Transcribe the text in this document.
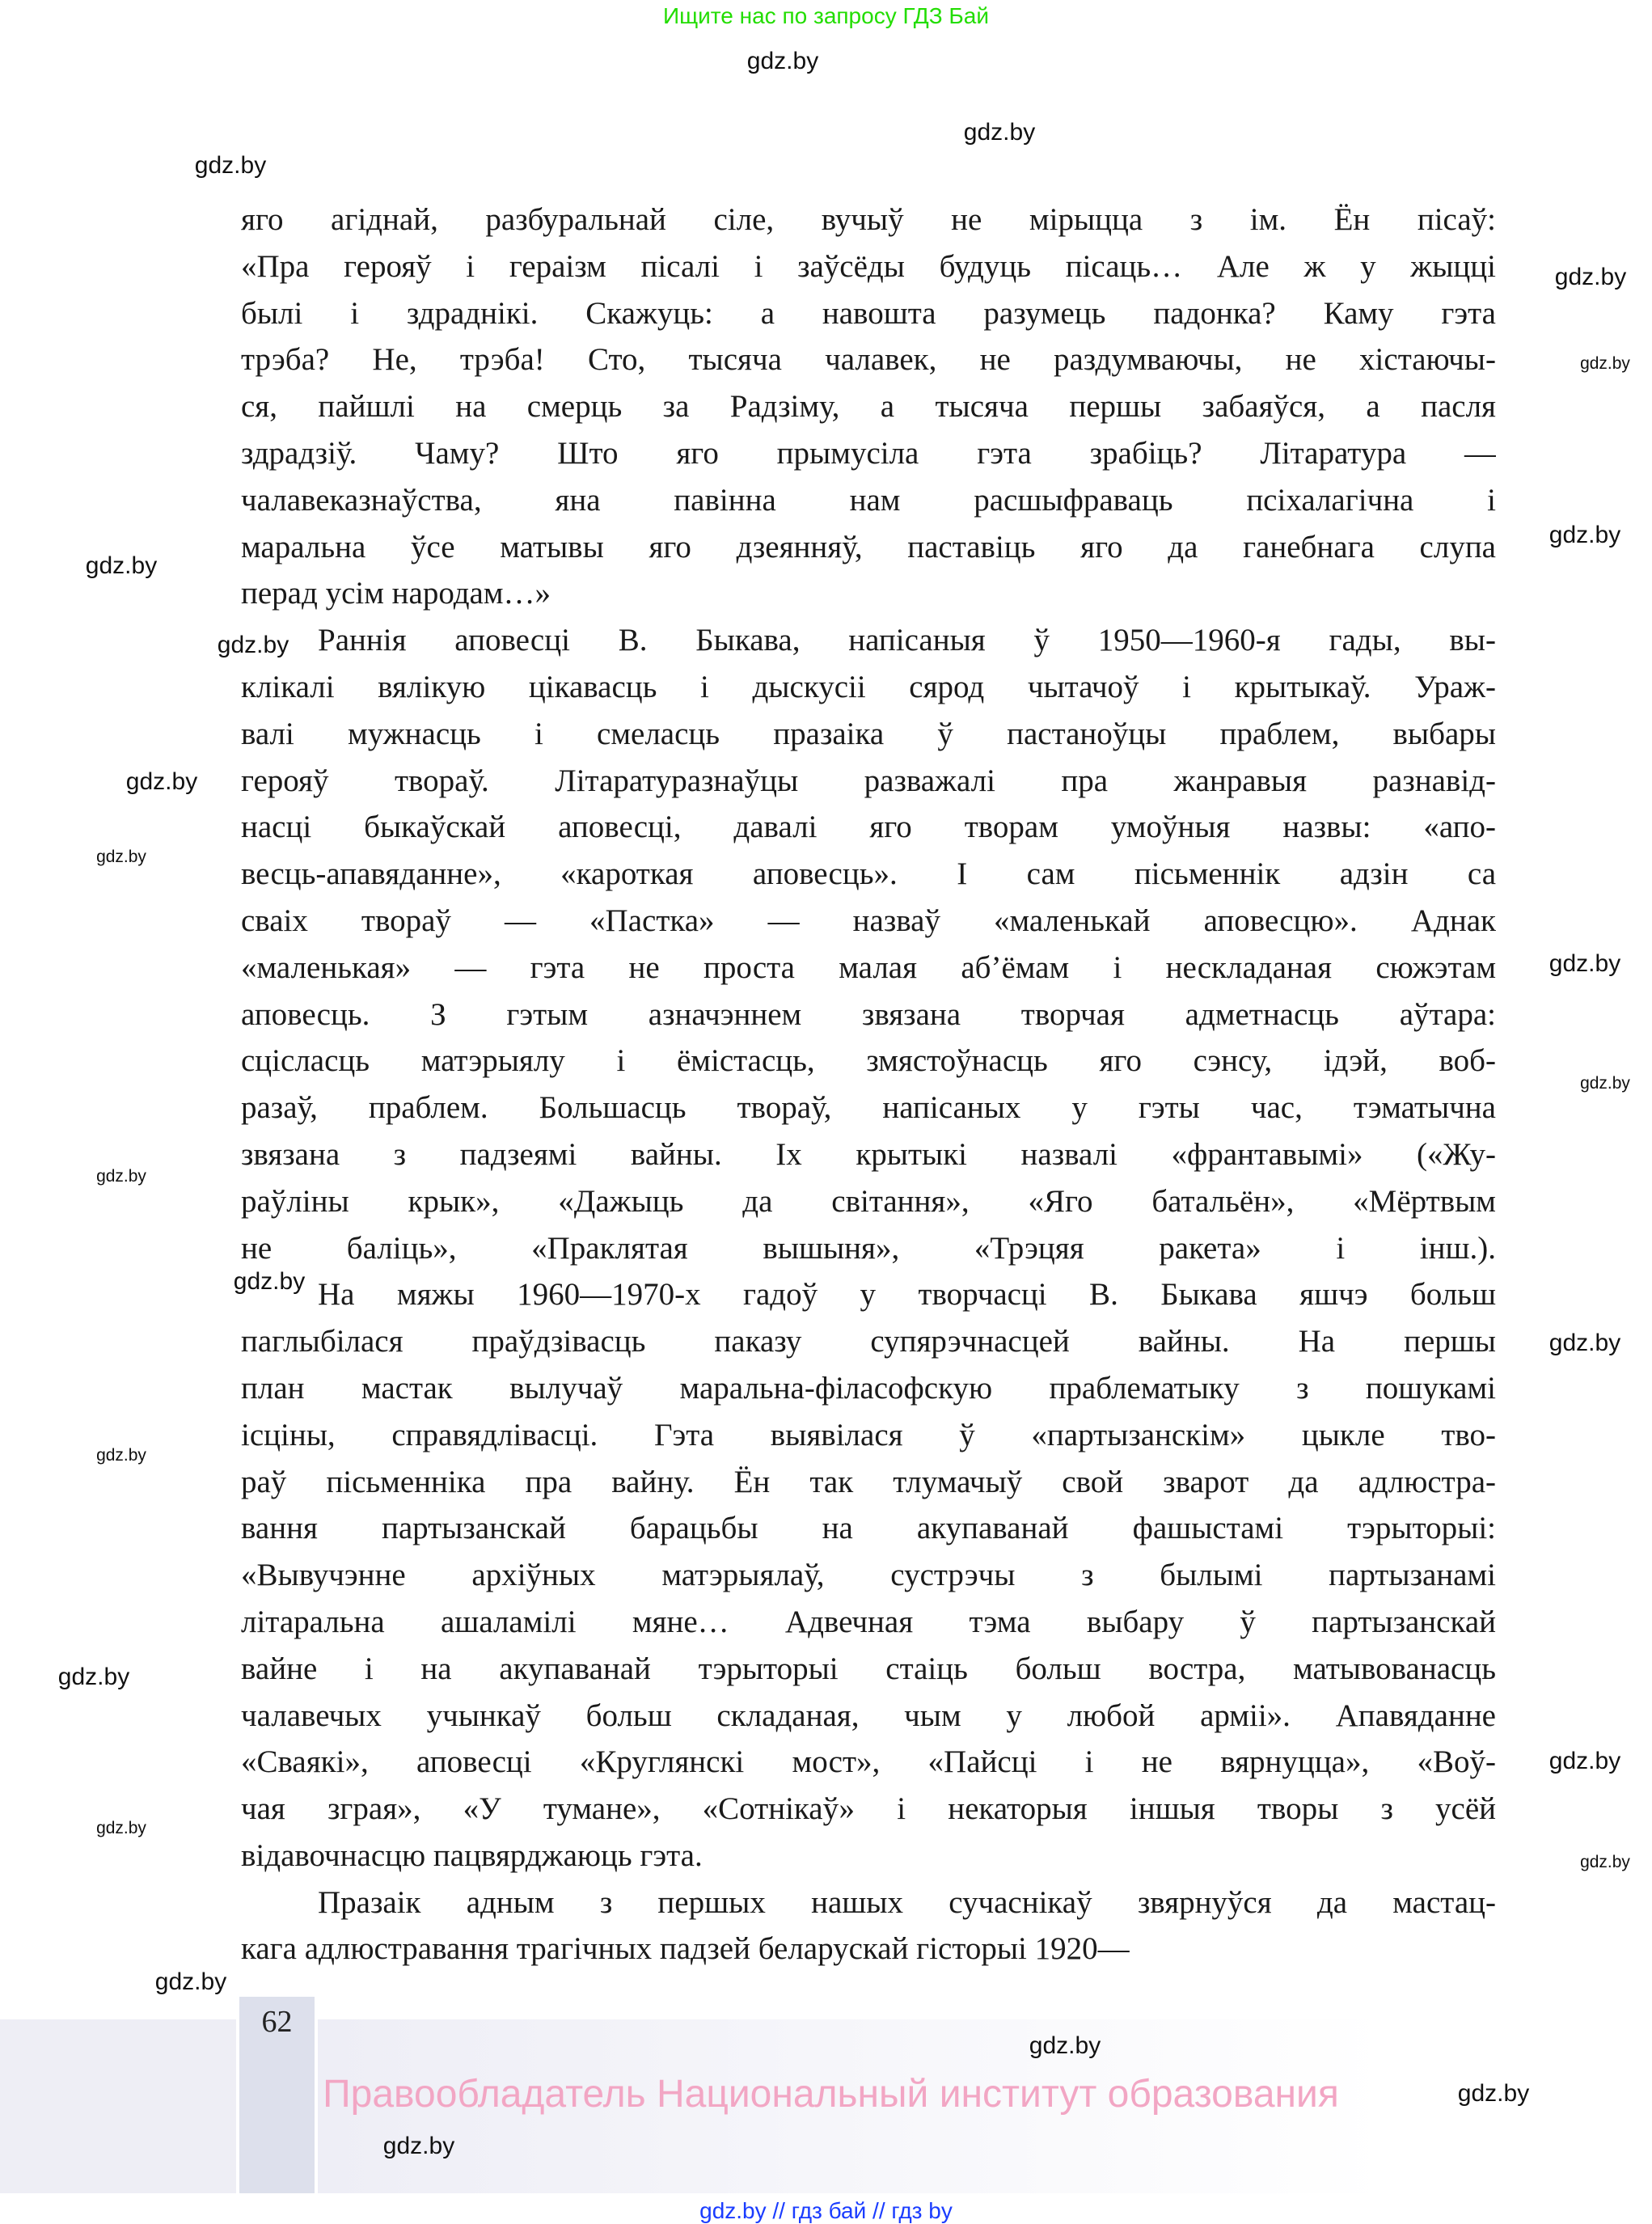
Ищите нас по запросу ГДЗ Бай
яго агіднай, разбуральнай сіле, вучыў не мірыцца з ім. Ён пісаў:
«Пра герояў і гераізм пісалі і заўсёды будуць пісаць… Але ж у жыцці
былі і здраднікі. Скажуць: а навошта разумець падонка? Каму гэта
трэба? Не, трэба! Сто, тысяча чалавек, не раздумваючы, не хістаючы-
ся, пайшлі на смерць за Радзіму, а тысяча першы забаяўся, а пасля
здрадзіў. Чаму? Што яго прымусіла гэта зрабіць? Літаратура —
чалавеказнаўства, яна павінна нам расшыфраваць псіхалагічна і
маральна ўсе матывы яго дзеянняў, паставіць яго да ганебнага слупа
перад усім народам…»
Раннія аповесці В. Быкава, напісаныя ў 1950—1960-я гады, вы-
клікалі вялікую цікавасць і дыскусіі сярод чытачоў і крытыкаў. Ураж-
валі мужнасць і смеласць празаіка ў пастаноўцы праблем, выбары
герояў твораў. Літаратуразнаўцы разважалі пра жанравыя разнавід-
насці быкаўскай аповесці, давалі яго творам умоўныя назвы: «апо-
весць-апавяданне», «кароткая аповесць». І сам пісьменнік адзін са
сваіх твораў — «Пастка» — назваў «маленькай аповесцю». Аднак
«маленькая» — гэта не проста малая аб’ёмам і нескладаная сюжэтам
аповесць. З гэтым азначэннем звязана творчая адметнасць аўтара:
сцісласць матэрыялу і ёмістасць, змястоўнасць яго сэнсу, ідэй, воб-
разаў, праблем. Большасць твораў, напісаных у гэты час, тэматычна
звязана з падзеямі вайны. Іх крытыкі назвалі «франтавымі» («Жу-
раўліны крык», «Дажыць да світання», «Яго батальён», «Мёртвым
не баліць», «Праклятая вышыня», «Трэцяя ракета» і інш.).
На мяжы 1960—1970-х гадоў у творчасці В. Быкава яшчэ больш
паглыбілася праўдзівасць паказу супярэчнасцей вайны. На першы
план мастак вылучаў маральна-філасофскую праблематыку з пошукамі
ісціны, справядлівасці. Гэта выявілася ў «партызанскім» цыкле тво-
раў пісьменніка пра вайну. Ён так тлумачыў свой зварот да адлюстра-
вання партызанскай барацьбы на акупаванай фашыстамі тэрыторыі:
«Вывучэнне архіўных матэрыялаў, сустрэчы з былымі партызанамі
літаральна ашаламілі мяне… Адвечная тэма выбару ў партызанскай
вайне і на акупаванай тэрыторыі стаіць больш востра, матывованасць
чалавечых учынкаў больш складаная, чым у любой арміі». Апавяданне
«Сваякі», аповесці «Круглянскі мост», «Пайсці і не вярнуцца», «Воў-
чая зграя», «У тумане», «Сотнікаў» і некаторыя іншыя творы з усёй
відавочнасцю пацвярджаюць гэта.
Празаік адным з першых нашых сучаснікаў звярнуўся да мастац-
кага адлюстравання трагічных падзей беларускай гісторыі 1920—
62
Правообладатель Национальный институт образования
gdz.by
gdz.by
gdz.by
gdz.by
gdz.by
gdz.by
gdz.by
gdz.by
gdz.by
gdz.by
gdz.by
gdz.by
gdz.by
gdz.by
gdz.by
gdz.by
gdz.by
gdz.by
gdz.by
gdz.by
gdz.by
gdz.by
gdz.by
gdz.by
gdz.by // гдз бай // гдз by
